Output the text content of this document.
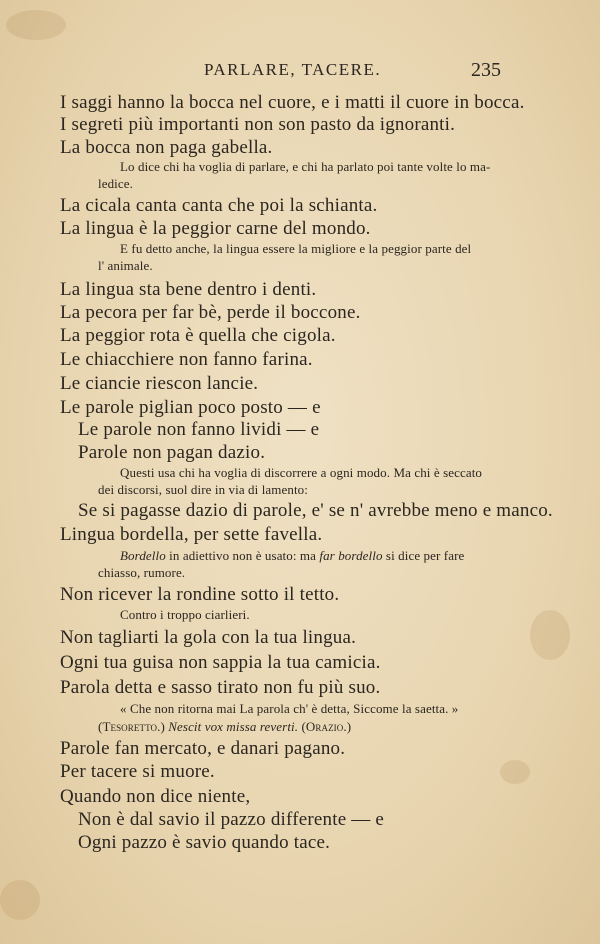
PARLARE, TACERE.	235
I saggi hanno la bocca nel cuore, e i matti il cuore in bocca.
I segreti più importanti non son pasto da ignoranti.
La bocca non paga gabella.
Lo dice chi ha voglia di parlare, e chi ha parlato poi tante volte lo ma-
ledice.
La cicala canta canta che poi la schianta.
La lingua è la peggior carne del mondo.
E fu detto anche, la lingua essere la migliore e la peggior parte del
l' animale.
La lingua sta bene dentro i denti.
La pecora per far bè, perde il boccone.
La peggior rota è quella che cigola.
Le chiacchiere non fanno farina.
Le ciancie riescon lancie.
Le parole piglian poco posto — e
Le parole non fanno lividi — e
Parole non pagan dazio.
Questi usa chi ha voglia di discorrere a ogni modo. Ma chi è seccato
dei discorsi, suol dire in via di lamento:
Se si pagasse dazio di parole, e' se n' avrebbe meno e manco.
Lingua bordella, per sette favella.
Bordello in adiettivo non è usato: ma far bordello si dice per fare
chiasso, rumore.
Non ricever la rondine sotto il tetto.
Contro i troppo ciarlieri.
Non tagliarti la gola con la tua lingua.
Ogni tua guisa non sappia la tua camicia.
Parola detta e sasso tirato non fu più suo.
« Che non ritorna mai La parola ch' è detta, Siccome la saetta. »
(Tesoretto.) Nescit vox missa reverti. (Orazio.)
Parole fan mercato, e danari pagano.
Per tacere si muore.
Quando non dice niente,
Non è dal savio il pazzo differente — e
Ogni pazzo è savio quando tace.
